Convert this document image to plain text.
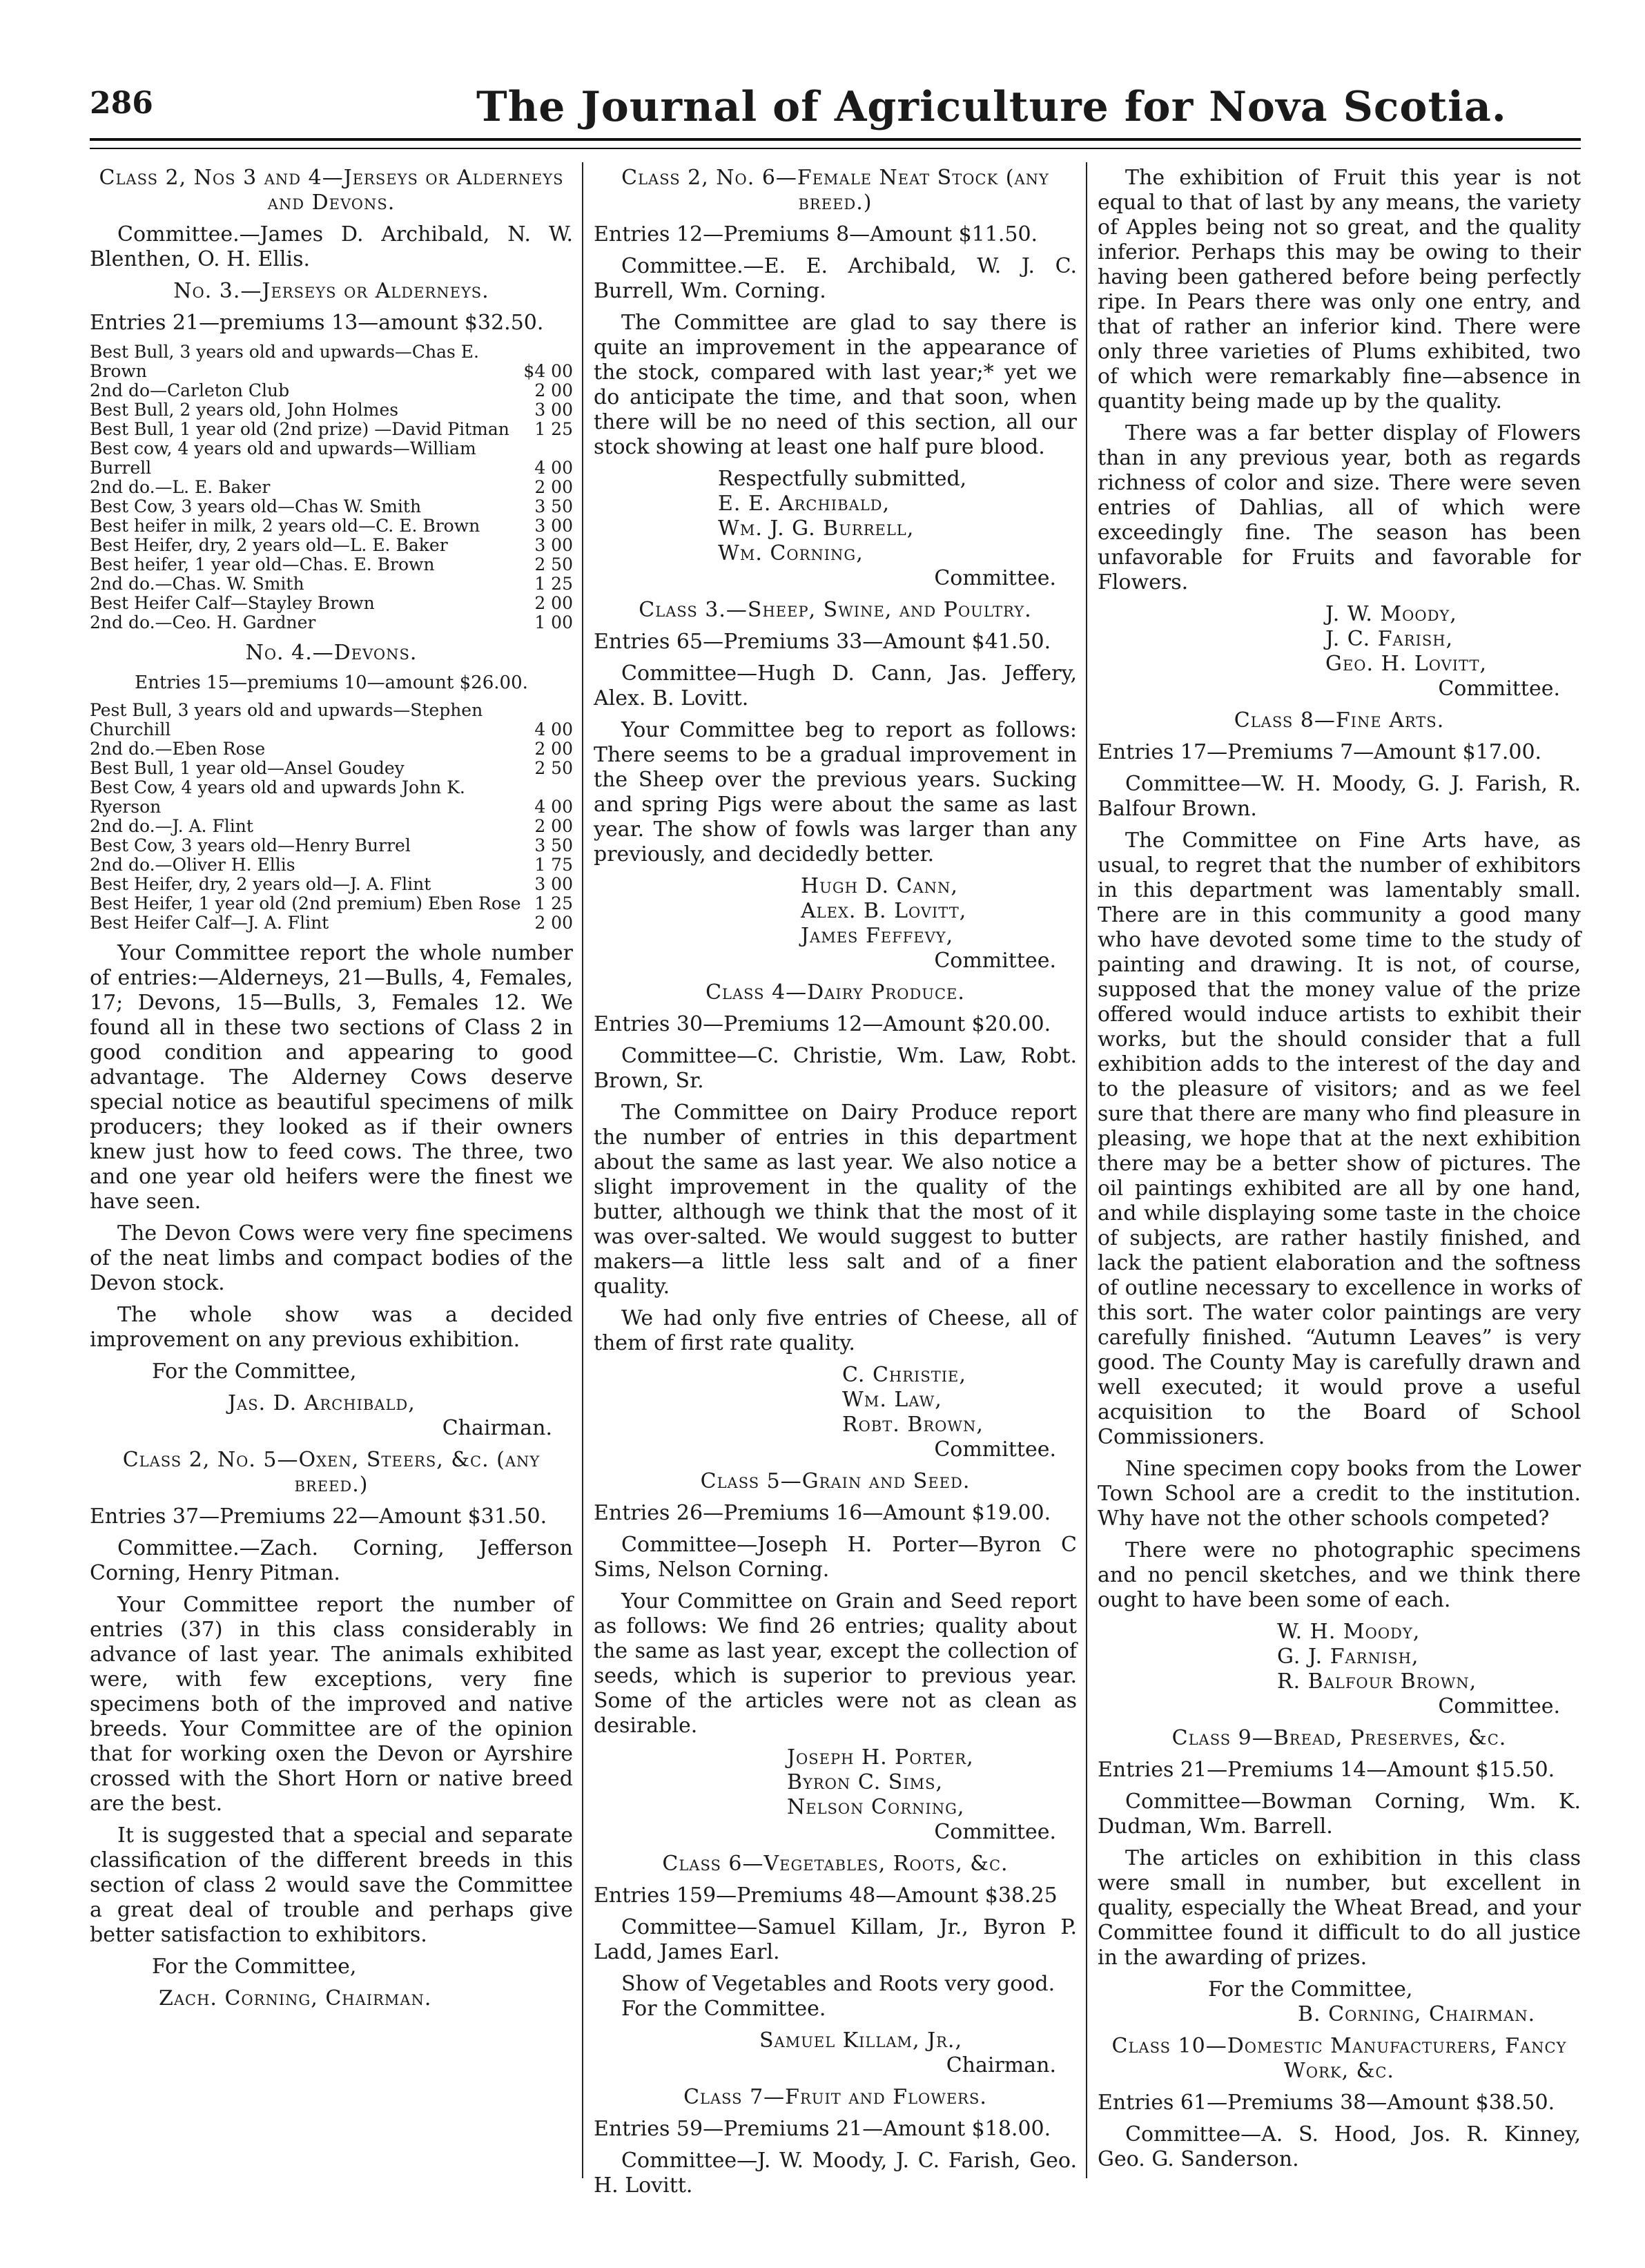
286	The Journal of Agriculture for Nova Scotia.

Class 2, Nos 3 and 4—Jerseys or Alderneys and Devons.

Committee.—James D. Archibald, N. W. Blenthen, O. H. Ellis.

No. 3.—Jerseys or Alderneys.

Entries 21—premiums 13—amount $32.50.

Best Bull, 3 years old and upwards—Chas E. Brown	$4 00
2nd do—Carleton Club	2 00
Best Bull, 2 years old, John Holmes	3 00
Best Bull, 1 year old (2nd prize) —David Pitman	1 25
Best cow, 4 years old and upwards—William Burrell	4 00
2nd do.—L. E. Baker	2 00
Best Cow, 3 years old—Chas W. Smith	3 50
Best heifer in milk, 2 years old—C. E. Brown	3 00
Best Heifer, dry, 2 years old—L. E. Baker	3 00
Best heifer, 1 year old—Chas. E. Brown	2 50
2nd do.—Chas. W. Smith	1 25
Best Heifer Calf—Stayley Brown	2 00
2nd do.—Ceo. H. Gardner	1 00

No. 4.—Devons.

Entries 15—premiums 10—amount $26.00.

Pest Bull, 3 years old and upwards—Stephen Churchill	4 00
2nd do.—Eben Rose	2 00
Best Bull, 1 year old—Ansel Goudey	2 50
Best Cow, 4 years old and upwards John K. Ryerson	4 00
2nd do.—J. A. Flint	2 00
Best Cow, 3 years old—Henry Burrel	3 50
2nd do.—Oliver H. Ellis	1 75
Best Heifer, dry, 2 years old—J. A. Flint	3 00
Best Heifer, 1 year old (2nd premium) Eben Rose	1 25
Best Heifer Calf—J. A. Flint	2 00

Your Committee report the whole number of entries:—Alderneys, 21—Bulls, 4, Females, 17; Devons, 15—Bulls, 3, Females 12. We found all in these two sections of Class 2 in good condition and appearing to good advantage. The Alderney Cows deserve special notice as beautiful specimens of milk producers; they looked as if their owners knew just how to feed cows. The three, two and one year old heifers were the finest we have seen.

The Devon Cows were very fine specimens of the neat limbs and compact bodies of the Devon stock.

The whole show was a decided improvement on any previous exhibition.

For the Committee,

Jas. D. Archibald,
Chairman.

Class 2, No. 5—Oxen, Steers, &c. (any breed.)

Entries 37—Premiums 22—Amount $31.50.

Committee.—Zach. Corning, Jefferson Corning, Henry Pitman.

Your Committee report the number of entries (37) in this class considerably in advance of last year. The animals exhibited were, with few exceptions, very fine specimens both of the improved and native breeds. Your Committee are of the opinion that for working oxen the Devon or Ayrshire crossed with the Short Horn or native breed are the best.

It is suggested that a special and separate classification of the different breeds in this section of class 2 would save the Committee a great deal of trouble and perhaps give better satisfaction to exhibitors.

For the Committee,

Zach. Corning, Chairman.

Class 2, No. 6—Female Neat Stock (any breed.)

Entries 12—Premiums 8—Amount $11.50.

Committee.—E. E. Archibald, W. J. C. Burrell, Wm. Corning.

The Committee are glad to say there is quite an improvement in the appearance of the stock, compared with last year;* yet we do anticipate the time, and that soon, when there will be no need of this section, all our stock showing at least one half pure blood.

Respectfully submitted,
E. E. Archibald,
Wm. J. G. Burrell,
Wm. Corning,
Committee.

Class 3.—Sheep, Swine, and Poultry.

Entries 65—Premiums 33—Amount $41.50.

Committee—Hugh D. Cann, Jas. Jeffery, Alex. B. Lovitt.

Your Committee beg to report as follows: There seems to be a gradual improvement in the Sheep over the previous years. Sucking and spring Pigs were about the same as last year. The show of fowls was larger than any previously, and decidedly better.

Hugh D. Cann,
Alex. B. Lovitt,
James Feffevy,
Committee.

Class 4—Dairy Produce.

Entries 30—Premiums 12—Amount $20.00.

Committee—C. Christie, Wm. Law, Robt. Brown, Sr.

The Committee on Dairy Produce report the number of entries in this department about the same as last year. We also notice a slight improvement in the quality of the butter, although we think that the most of it was over-salted. We would suggest to butter makers—a little less salt and of a finer quality.

We had only five entries of Cheese, all of them of first rate quality.

C. Christie,
Wm. Law,
Robt. Brown,
Committee.

Class 5—Grain and Seed.

Entries 26—Premiums 16—Amount $19.00.

Committee—Joseph H. Porter—Byron C Sims, Nelson Corning.

Your Committee on Grain and Seed report as follows: We find 26 entries; quality about the same as last year, except the collection of seeds, which is superior to previous year. Some of the articles were not as clean as desirable.

Joseph H. Porter,
Byron C. Sims,
Nelson Corning,
Committee.

Class 6—Vegetables, Roots, &c.

Entries 159—Premiums 48—Amount $38.25

Committee—Samuel Killam, Jr., Byron P. Ladd, James Earl.

Show of Vegetables and Roots very good.

For the Committee.

Samuel Killam, Jr.,
Chairman.

Class 7—Fruit and Flowers.

Entries 59—Premiums 21—Amount $18.00.

Committee—J. W. Moody, J. C. Farish, Geo. H. Lovitt.

The exhibition of Fruit this year is not equal to that of last by any means, the variety of Apples being not so great, and the quality inferior. Perhaps this may be owing to their having been gathered before being perfectly ripe. In Pears there was only one entry, and that of rather an inferior kind. There were only three varieties of Plums exhibited, two of which were remarkably fine—absence in quantity being made up by the quality.

There was a far better display of Flowers than in any previous year, both as regards richness of color and size. There were seven entries of Dahlias, all of which were exceedingly fine. The season has been unfavorable for Fruits and favorable for Flowers.

J. W. Moody,
J. C. Farish,
Geo. H. Lovitt,
Committee.

Class 8—Fine Arts.

Entries 17—Premiums 7—Amount $17.00.

Committee—W. H. Moody, G. J. Farish, R. Balfour Brown.

The Committee on Fine Arts have, as usual, to regret that the number of exhibitors in this department was lamentably small. There are in this community a good many who have devoted some time to the study of painting and drawing. It is not, of course, supposed that the money value of the prize offered would induce artists to exhibit their works, but the should consider that a full exhibition adds to the interest of the day and to the pleasure of visitors; and as we feel sure that there are many who find pleasure in pleasing, we hope that at the next exhibition there may be a better show of pictures. The oil paintings exhibited are all by one hand, and while displaying some taste in the choice of subjects, are rather hastily finished, and lack the patient elaboration and the softness of outline necessary to excellence in works of this sort. The water color paintings are very carefully finished. “Autumn Leaves” is very good. The County May is carefully drawn and well executed; it would prove a useful acquisition to the Board of School Commissioners.

Nine specimen copy books from the Lower Town School are a credit to the institution. Why have not the other schools competed?

There were no photographic specimens and no pencil sketches, and we think there ought to have been some of each.

W. H. Moody,
G. J. Farnish,
R. Balfour Brown,
Committee.

Class 9—Bread, Preserves, &c.

Entries 21—Premiums 14—Amount $15.50.

Committee—Bowman Corning, Wm. K. Dudman, Wm. Barrell.

The articles on exhibition in this class were small in number, but excellent in quality, especially the Wheat Bread, and your Committee found it difficult to do all justice in the awarding of prizes.

For the Committee,

B. Corning, Chairman.

Class 10—Domestic Manufacturers, Fancy Work, &c.

Entries 61—Premiums 38—Amount $38.50.

Committee—A. S. Hood, Jos. R. Kinney, Geo. G. Sanderson.
